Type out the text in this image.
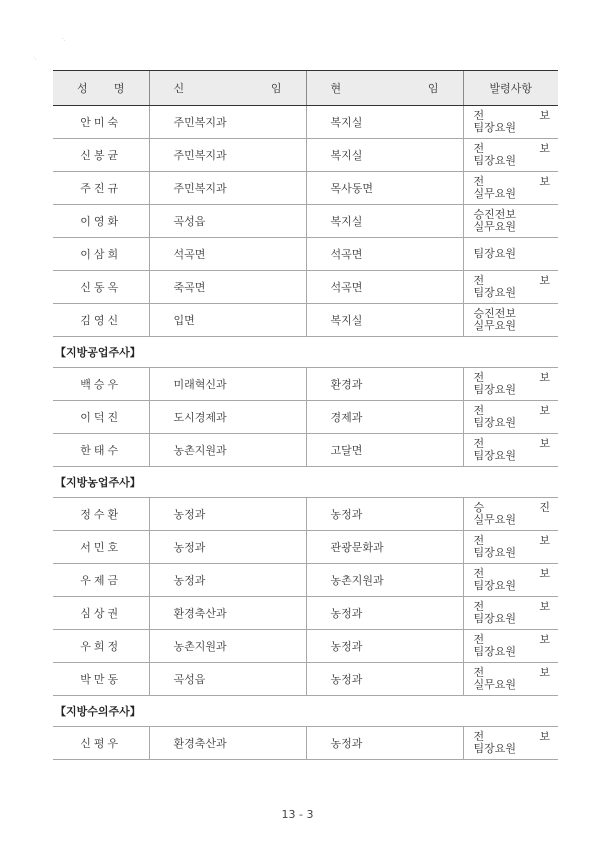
·.
·.
성 명	신 임	현 임	발령사항
안미숙	주민복지과	복지실	전 보
팀장요원

신봉균	주민복지과	복지실	전 보
팀장요원

주진규	주민복지과	목사동면	전 보
실무요원

이영화	곡성읍	복지실	승진전보
실무요원

이삼희	석곡면	석곡면	팀장요원

신동옥	죽곡면	석곡면	전 보
팀장요원

김영신	입면	복지실	승진전보
실무요원

【지방공업주사】			
백승우	미래혁신과	환경과	전 보
팀장요원

이덕진	도시경제과	경제과	전 보
팀장요원

한태수	농촌지원과	고달면	전 보
팀장요원

【지방농업주사】			
정수환	농정과	농정과	승 진
실무요원

서민호	농정과	관광문화과	전 보
팀장요원

우제금	농정과	농촌지원과	전 보
팀장요원

심상권	환경축산과	농정과	전 보
팀장요원

우희정	농촌지원과	농정과	전 보
팀장요원

박만동	곡성읍	농정과	전 보
실무요원

【지방수의주사】			
신평우	환경축산과	농정과	전 보
팀장요원
13 - 3
